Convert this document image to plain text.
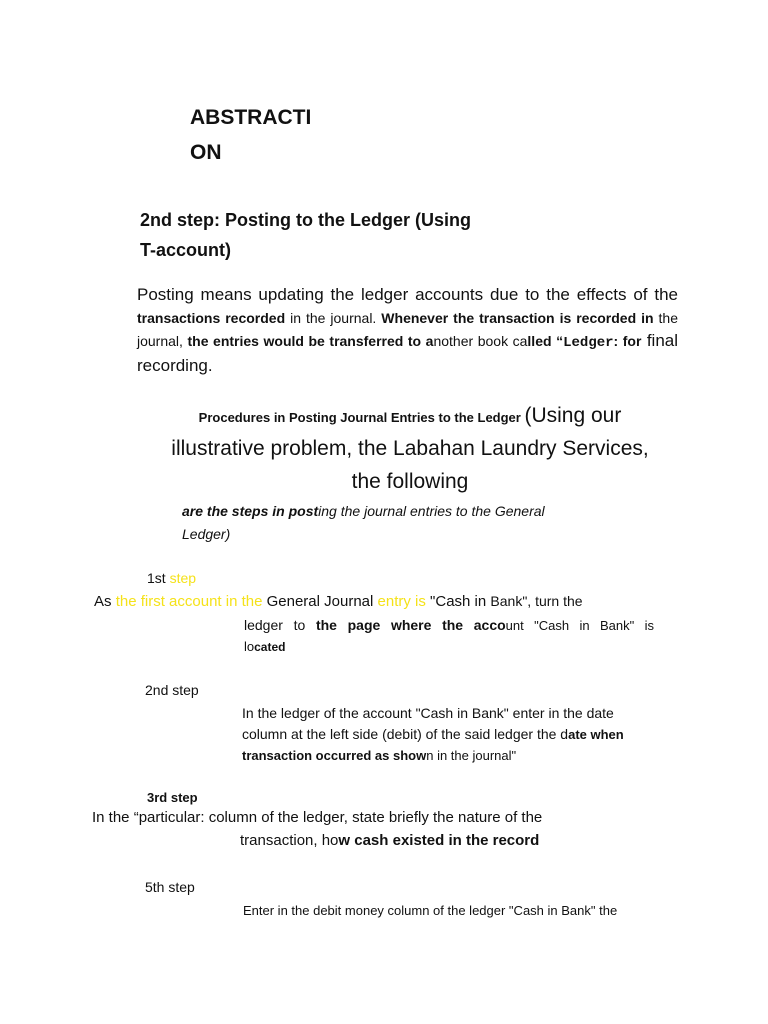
ABSTRACTI
ON
2nd step: Posting to the Ledger (Using
T-account)

Posting means updating the ledger accounts due to the effects of the transactions recorded in the journal. Whenever the transaction is recorded in the journal, the entries would be transferred to another book called “Ledger: for final recording.

Procedures in Posting Journal Entries to the Ledger (Using our
illustrative problem, the Labahan Laundry Services,
the following

are the steps in posting the journal entries to the General
Ledger)

1st step
As the first account in the General Journal entry is "Cash in Bank", turn the
ledger to the page where the account "Cash in Bank" is
located
2nd step
In the ledger of the account "Cash in Bank" enter in the date
column at the left side (debit) of the said ledger the date when
transaction occurred as shown in the journal"
3rd step
In the “particular: column of the ledger, state briefly the nature of the
transaction, how cash existed in the record
5th step
Enter in the debit money column of the ledger "Cash in Bank" the
